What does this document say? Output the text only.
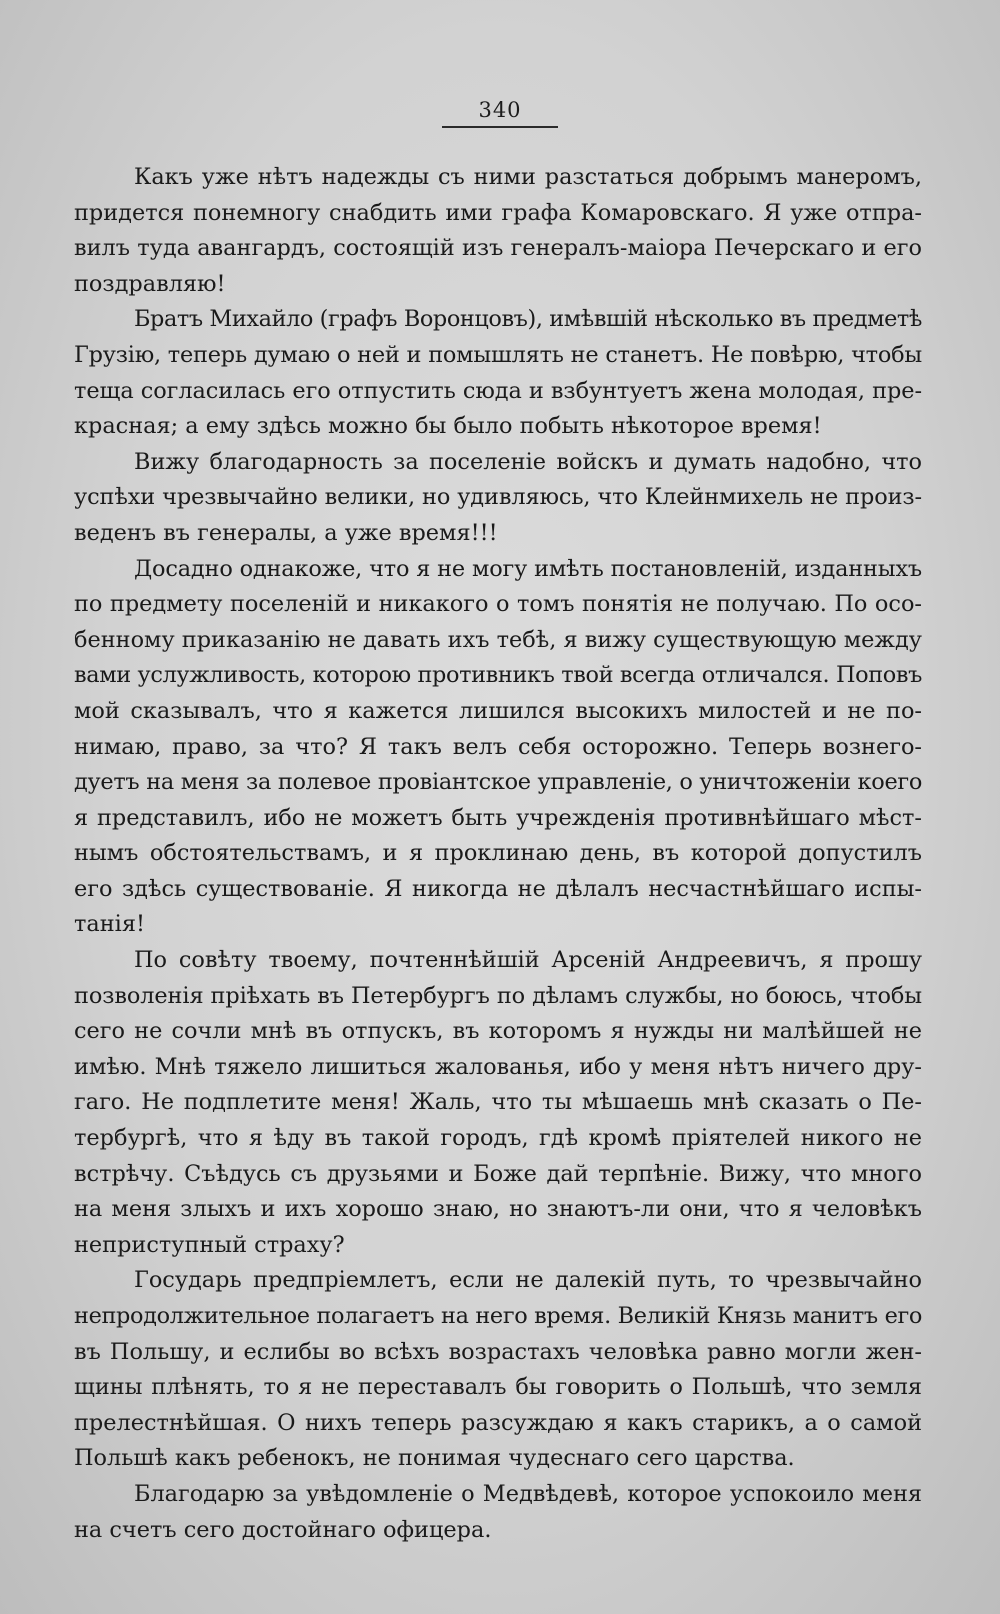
340
Какъ уже нѣтъ надежды съ ними разстаться добрымъ манеромъ,
придется понемногу снабдить ими графа Комаровскаго. Я уже отпра-
вилъ туда авангардъ, состоящій изъ генералъ-маіора Печерскаго и его
поздравляю!
Братъ Михайло (графъ Воронцовъ), имѣвшій нѣсколько въ предметѣ
Грузію, теперь думаю о ней и помышлять не станетъ. Не повѣрю, чтобы
теща согласилась его отпустить сюда и взбунтуетъ жена молодая, пре-
красная; а ему здѣсь можно бы было побыть нѣкоторое время!
Вижу благодарность за поселеніе войскъ и думать надобно, что
успѣхи чрезвычайно велики, но удивляюсь, что Клейнмихель не произ-
веденъ въ генералы, а уже время!!!
Досадно однакоже, что я не могу имѣть постановленій, изданныхъ
по предмету поселеній и никакого о томъ понятія не получаю. По осо-
бенному приказанію не давать ихъ тебѣ, я вижу существующую между
вами услужливость, которою противникъ твой всегда отличался. Поповъ
мой сказывалъ, что я кажется лишился высокихъ милостей и не по-
нимаю, право, за что? Я такъ велъ себя осторожно. Теперь вознего-
дуетъ на меня за полевое провіантское управленіе, о уничтоженіи коего
я представилъ, ибо не можетъ быть учрежденія противнѣйшаго мѣст-
нымъ обстоятельствамъ, и я проклинаю день, въ которой допустилъ
его здѣсь существованіе. Я никогда не дѣлалъ несчастнѣйшаго испы-
танія!
По совѣту твоему, почтеннѣйшій Арсеній Андреевичъ, я прошу
позволенія пріѣхать въ Петербургъ по дѣламъ службы, но боюсь, чтобы
сего не сочли мнѣ въ отпускъ, въ которомъ я нужды ни малѣйшей не
имѣю. Мнѣ тяжело лишиться жалованья, ибо у меня нѣтъ ничего дру-
гаго. Не подплетите меня! Жаль, что ты мѣшаешь мнѣ сказать о Пе-
тербургѣ, что я ѣду въ такой городъ, гдѣ кромѣ пріятелей никого не
встрѣчу. Съѣдусь съ друзьями и Боже дай терпѣніе. Вижу, что много
на меня злыхъ и ихъ хорошо знаю, но знаютъ-ли они, что я человѣкъ
неприступный страху?
Государь предпріемлетъ, если не далекій путь, то чрезвычайно
непродолжительное полагаетъ на него время. Великій Князь манитъ его
въ Польшу, и еслибы во всѣхъ возрастахъ человѣка равно могли жен-
щины плѣнять, то я не переставалъ бы говорить о Польшѣ, что земля
прелестнѣйшая. О нихъ теперь разсуждаю я какъ старикъ, а о самой
Польшѣ какъ ребенокъ, не понимая чудеснаго сего царства.
Благодарю за увѣдомленіе о Медвѣдевѣ, которое успокоило меня
на счетъ сего достойнаго офицера.
